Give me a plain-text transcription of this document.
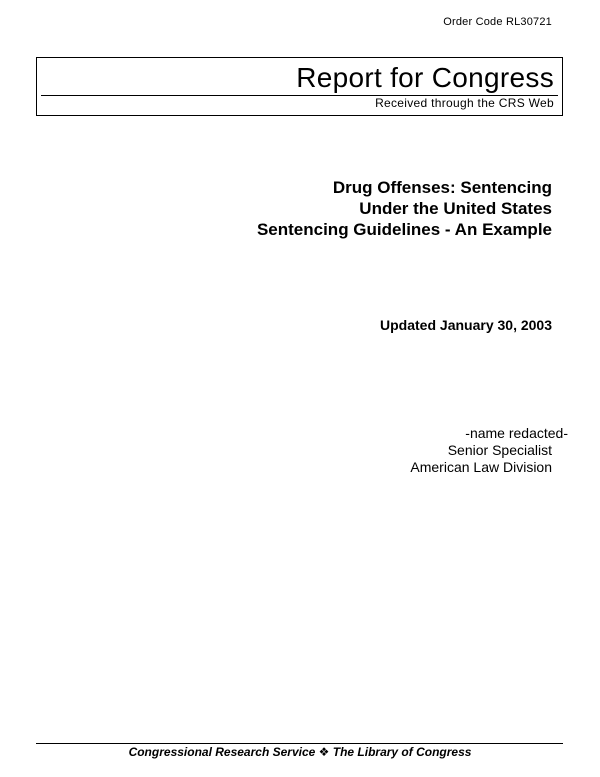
Order Code RL30721
Report for Congress
Received through the CRS Web
Drug Offenses: Sentencing
Under the United States
Sentencing Guidelines - An Example
Updated January 30, 2003
-name redacted-
Senior Specialist
American Law Division
Congressional Research Service ❖ The Library of Congress
